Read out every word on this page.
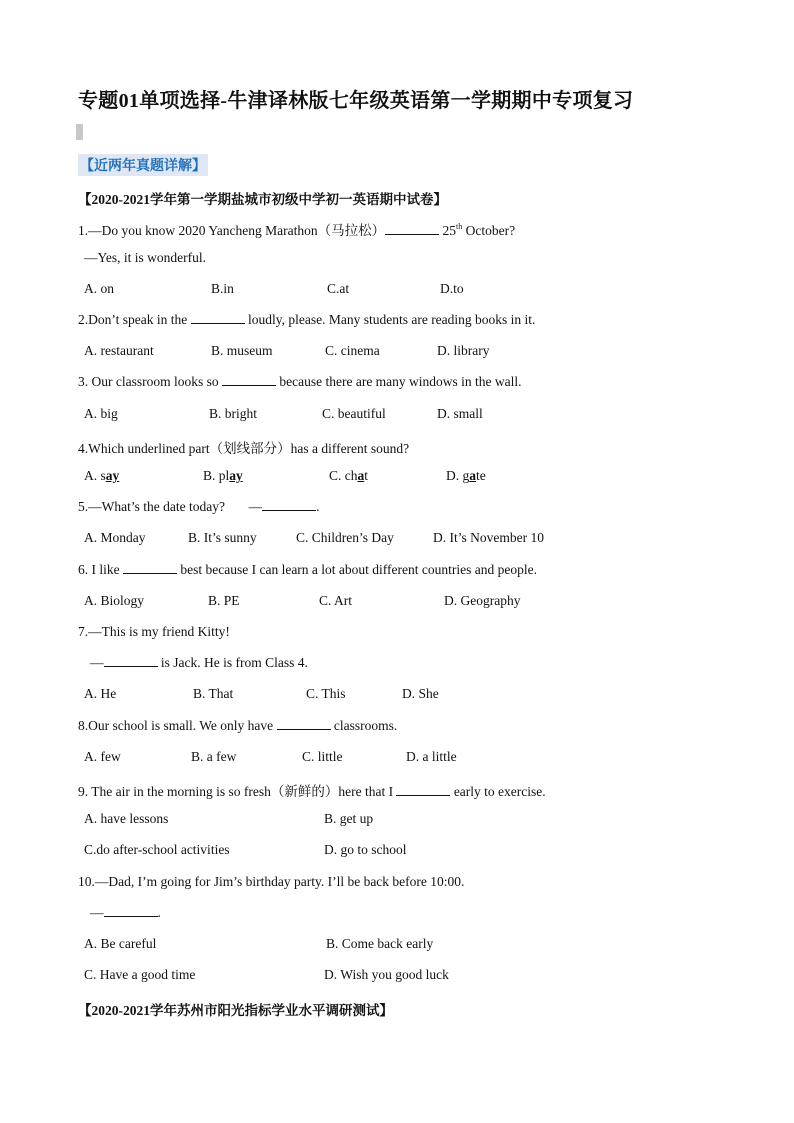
专题01单项选择-牛津译林版七年级英语第一学期期中专项复习
【近两年真题详解】
【2020-2021学年第一学期盐城市初级中学初一英语期中试卷】
1.—Do you know 2020 Yancheng Marathon（马拉松）	25th October?
—Yes, it is wonderful.
A. on	B.in	C.at	D.to
2.Don’t speak in the	loudly, please. Many students are reading books in it.
A. restaurant	B. museum	C. cinema	D. library
3. Our classroom looks so	because there are many windows in the wall.
A. big	B. bright	C. beautiful	D. small
4.Which underlined part（划线部分）has a different sound?
A. say	B. play	C. chat	D. gate
5.—What’s the date today? —	.
A. Monday	B. It’s sunny	C. Children’s Day	D. It’s November 10
6. I like	best because I can learn a lot about different countries and people.
A. Biology	B. PE	C. Art	D. Geography
7.—This is my friend Kitty!
—	is Jack. He is from Class 4.
A. He	B. That	C. This	D. She
8.Our school is small. We only have	classrooms.
A. few	B. a few	C. little	D. a little
9. The air in the morning is so fresh（新鲜的）here that I	early to exercise.
A. have lessons	B. get up
C.do after-school activities	D. go to school
10.—Dad, I’m going for Jim’s birthday party. I’ll be back before 10:00.
—	.
A. Be careful	B. Come back early
C. Have a good time	D. Wish you good luck
【2020-2021学年苏州市阳光指标学业水平调研测试】
